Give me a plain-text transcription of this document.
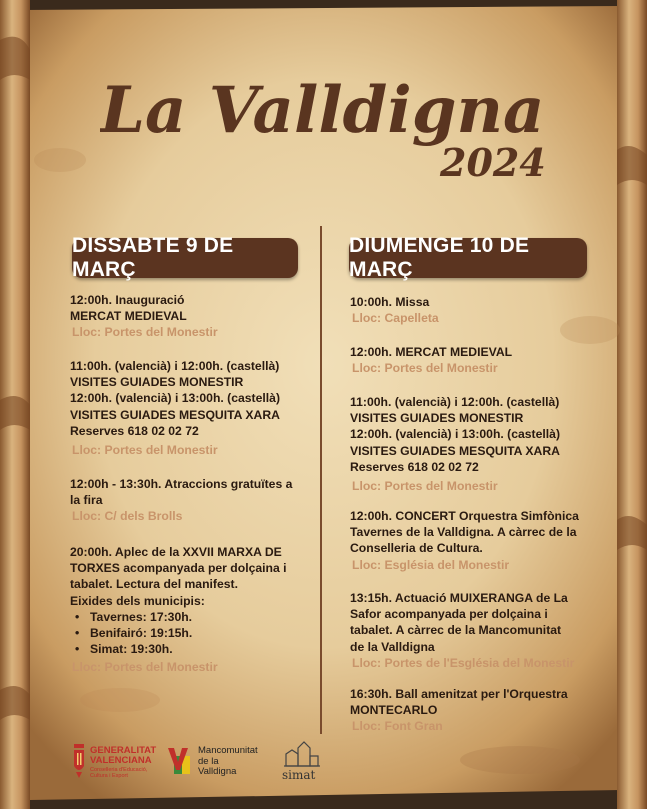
La Valldigna
2024
DISSABTE 9 DE MARÇ
DIUMENGE 10 DE MARÇ
12:00h. Inauguració
MERCAT MEDIEVAL
Lloc: Portes del Monestir
11:00h. (valencià) i 12:00h. (castellà)
VISITES GUIADES MONESTIR
12:00h. (valencià) i 13:00h. (castellà)
VISITES GUIADES MESQUITA XARA
Reserves 618 02 02 72
Lloc: Portes del Monestir
12:00h - 13:30h. Atraccions gratuïtes a
la fira
Lloc: C/ dels Brolls
20:00h. Aplec de la XXVII MARXA DE
TORXES acompanyada per dolçaina i
tabalet. Lectura del manifest.
Eixides dels municipis:
• Tavernes: 17:30h.
• Benifairó: 19:15h.
• Simat: 19:30h.
Lloc: Portes del Monestir
10:00h. Missa
Lloc: Capelleta
12:00h. MERCAT MEDIEVAL
Lloc: Portes del Monestir
11:00h. (valencià) i 12:00h. (castellà)
VISITES GUIADES MONESTIR
12:00h. (valencià) i 13:00h. (castellà)
VISITES GUIADES MESQUITA XARA
Reserves 618 02 02 72
Lloc: Portes del Monestir
12:00h. CONCERT Orquestra Simfònica
Tavernes de la Valldigna. A càrrec de la
Conselleria de Cultura.
Lloc: Església del Monestir
13:15h. Actuació MUIXERANGA de La
Safor acompanyada per dolçaina i
tabalet. A càrrec de la Mancomunitat
de la Valldigna
Lloc: Portes de l'Església del Monestir
16:30h. Ball amenitzat per l'Orquestra
MONTECARLO
Lloc: Font Gran
GENERALITAT
VALENCIANA
Conselleria d'Educació,
Cultura i Esport
Mancomunitat
de la
Valldigna	simat
